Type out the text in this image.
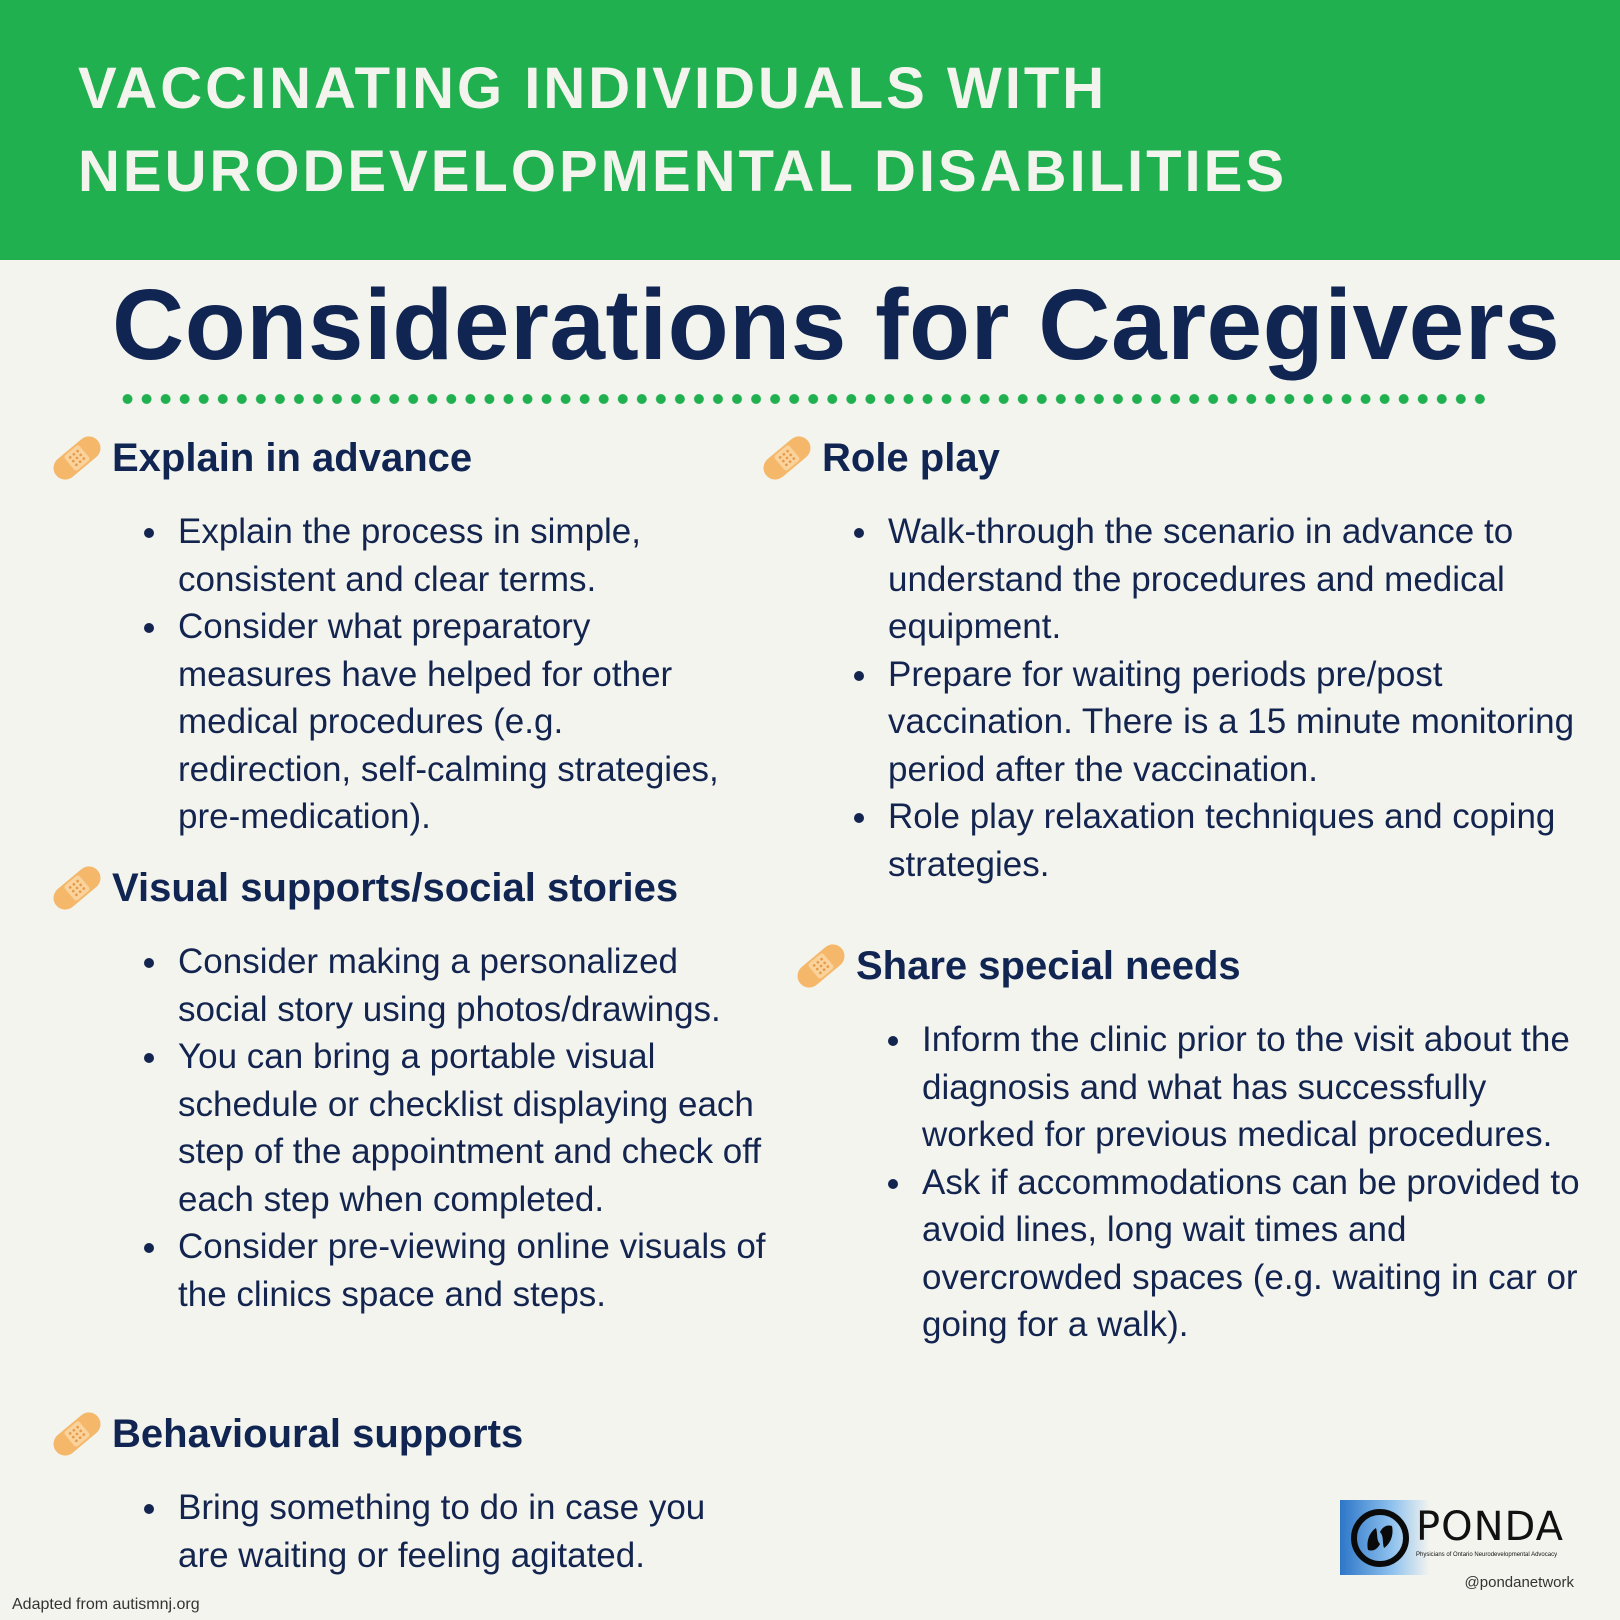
VACCINATING INDIVIDUALS WITH
NEURODEVELOPMENTAL DISABILITIES
Considerations for Caregivers
Explain in advance
Explain the process in simple, consistent and clear terms.
Consider what preparatory measures have helped for other medical procedures (e.g. redirection, self-calming strategies, pre-medication).
Visual supports/social stories
Consider making a personalized social story using photos/drawings.
You can bring a portable visual schedule or checklist displaying each step of the appointment and check off each step when completed.
Consider pre-viewing online visuals of the clinics space and steps.
Behavioural supports
Bring something to do in case you are waiting or feeling agitated.
Role play
Walk-through the scenario in advance to understand the procedures and medical equipment.
Prepare for waiting periods pre/post vaccination. There is a 15 minute monitoring period after the vaccination.
Role play relaxation techniques and coping strategies.
Share special needs
Inform the clinic prior to the visit about the diagnosis and what has successfully worked for previous medical procedures.
Ask if accommodations can be provided to avoid lines, long wait times and overcrowded spaces (e.g. waiting in car or going for a walk).
PONDA
Physicians of Ontario Neurodevelopmental Advocacy
@pondanetwork
Adapted from autismnj.org
